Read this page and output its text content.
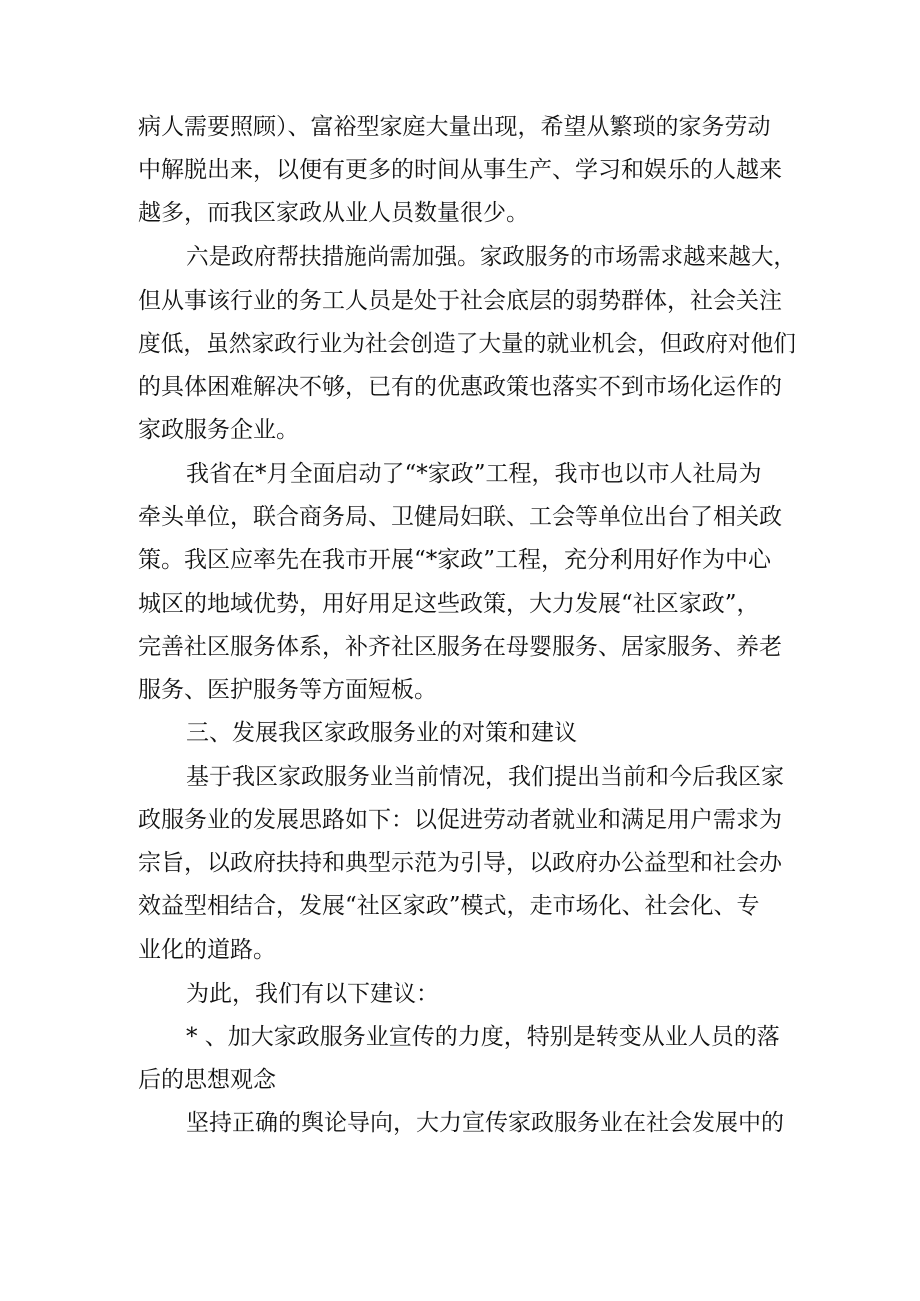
病人需要照顾）、富裕型家庭大量出现，希望从繁琐的家务劳动
中解脱出来，以便有更多的时间从事生产、学习和娱乐的人越来
越多，而我区家政从业人员数量很少。
六是政府帮扶措施尚需加强。家政服务的市场需求越来越大，
但从事该行业的务工人员是处于社会底层的弱势群体，社会关注
度低，虽然家政行业为社会创造了大量的就业机会，但政府对他们
的具体困难解决不够，已有的优惠政策也落实不到市场化运作的
家政服务企业。
我省在*月全面启动了“*家政”工程，我市也以市人社局为
牵头单位，联合商务局、卫健局妇联、工会等单位出台了相关政
策。我区应率先在我市开展“*家政”工程，充分利用好作为中心
城区的地域优势，用好用足这些政策，大力发展“社区家政”，
完善社区服务体系，补齐社区服务在母婴服务、居家服务、养老
服务、医护服务等方面短板。
三、发展我区家政服务业的对策和建议
基于我区家政服务业当前情况，我们提出当前和今后我区家
政服务业的发展思路如下：以促进劳动者就业和满足用户需求为
宗旨，以政府扶持和典型示范为引导，以政府办公益型和社会办
效益型相结合，发展“社区家政”模式，走市场化、社会化、专
业化的道路。
为此，我们有以下建议：
* 、加大家政服务业宣传的力度，特别是转变从业人员的落
后的思想观念
坚持正确的舆论导向，大力宣传家政服务业在社会发展中的
